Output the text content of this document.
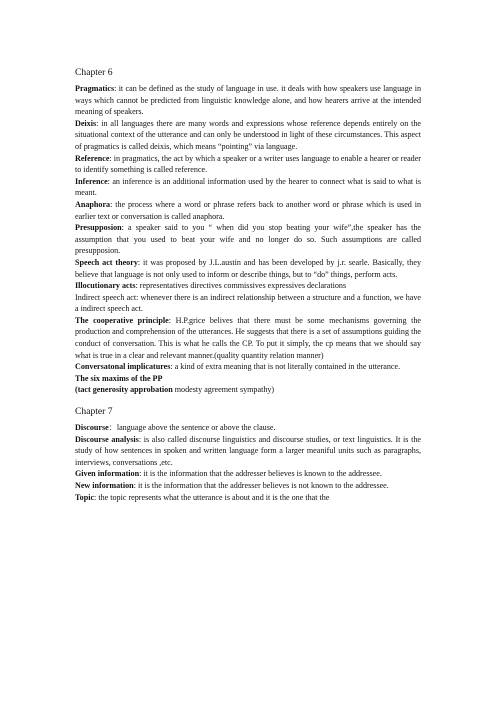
Chapter 6

Pragmatics: it can be defined as the study of language in use. it deals with how speakers use language in ways which cannot be predicted from linguistic knowledge alone, and how hearers arrive at the intended meaning of speakers.

Deixis: in all languages there are many words and expressions whose reference depends entirely on the situational context of the utterance and can only be understood in light of these circumstances. This aspect of pragmatics is called deixis, which means “pointing” via language.

Reference: in pragmatics, the act by which a speaker or a writer uses language to enable a hearer or reader to identify something is called reference.

Inference: an inference is an additional information used by the hearer to connect what is said to what is meant.

Anaphora: the process where a word or phrase refers back to another word or phrase which is used in earlier text or conversation is called anaphora.

Presupposion: a speaker said to you “ when did you stop beating your wife”,the speaker has the assumption that you used to beat your wife and no longer do so. Such assumptions are called presupposion.

Speech act theory: it was proposed by J.L.austin and has been developed by j.r. searle. Basically, they believe that language is not only used to inform or describe things, but to “do” things, perform acts.

Illocutionary acts: representatives directives commissives expressives declarations

Indirect speech act: whenever there is an indirect relationship between a structure and a function, we have a indirect speech act.

The cooperative principle: H.P.grice belives that there must be some mechanisms governing the production and comprehension of the utterances. He suggests that there is a set of assumptions guiding the conduct of conversation. This is what he calls the CP. To put it simply, the cp means that we should say what is true in a clear and relevant manner.(quality quantity relation manner)

Conversatonal implicatures: a kind of extra meaning that is not literally contained in the utterance.

The six maxims of the PP

(tact generosity approbation modesty agreement sympathy)

Chapter 7

Discourse：language above the sentence or above the clause.

Discourse analysis: is also called discourse linguistics and discourse studies, or text linguistics. It is the study of how sentences in spoken and written language form a larger meaniful units such as paragraphs, interviews, conversations ,etc.

Given information: it is the information that the addresser believes is known to the addressee.

New information: it is the information that the addresser believes is not known to the addressee.

Topic: the topic represents what the utterance is about and it is the one that the
